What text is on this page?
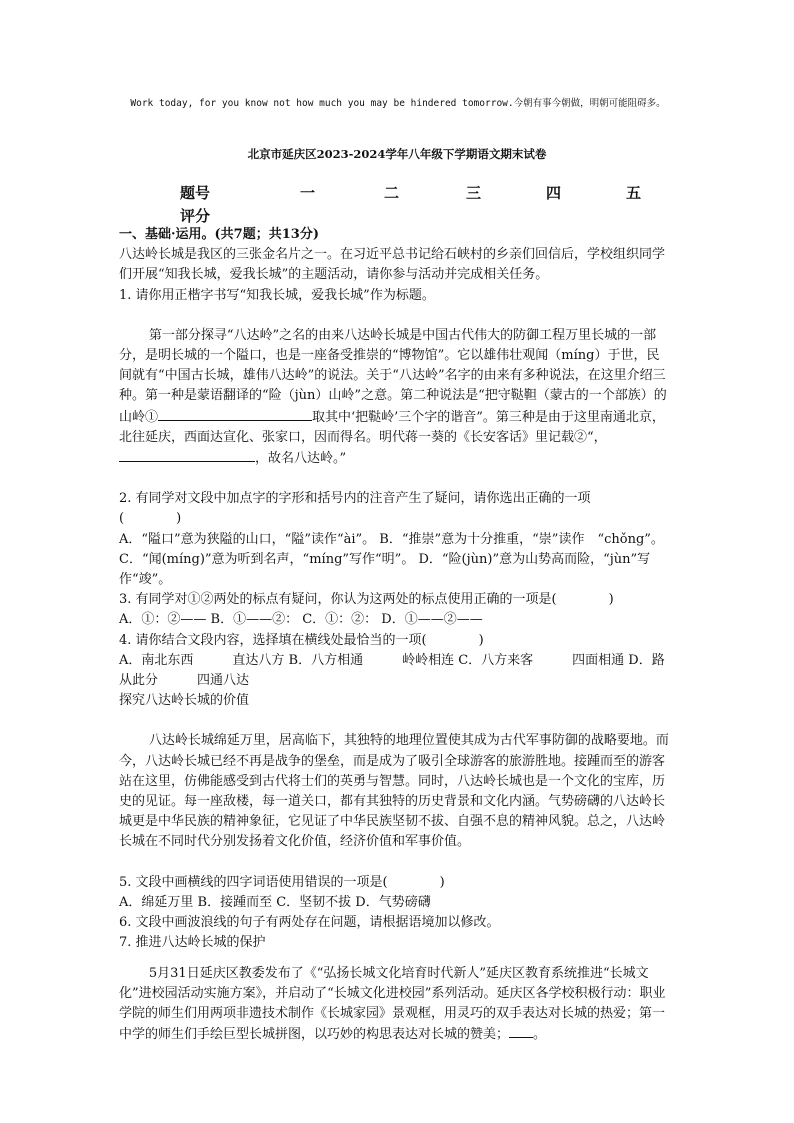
Work today, for you know not how much you may be hindered tomorrow.今朝有事今朝做，明朝可能阻碍多。
北京市延庆区2023-2024学年八年级下学期语文期末试卷
题号	一	二	三	四	五
评分

一、基础·运用。(共7题；共13分)

八达岭长城是我区的三张金名片之一。在习近平总书记给石峡村的乡亲们回信后，学校组织同学们开展“知我长城，爱我长城”的主题活动，请你参与活动并完成相关任务。

1. 请你用正楷字书写“知我长城，爱我长城”作为标题。

第一部分探寻“八达岭”之名的由来八达岭长城是中国古代伟大的防御工程万里长城的一部分，是明长城的一个隘口，也是一座备受推崇的“博物馆”。它以雄伟壮观闻（míng）于世，民间就有“中国古长城，雄伟八达岭”的说法。关于“八达岭”名字的由来有多种说法，在这里介绍三种。第一种是蒙语翻译的“险（jùn）山岭”之意。第二种说法是“把守鞑靼（蒙古的一个部族）的山岭①	取其中‘把鞑岭’三个字的谐音”。第三种是由于这里南通北京，北往延庆，西面达宣化、张家口，因而得名。明代蒋一葵的《长安客话》里记载②“，，故名八达岭。”

2. 有同学对文段中加点字的字形和括号内的注音产生了疑问，请你选出正确的一项

(　　　　)

A．“隘口”意为狭隘的山口，“隘”读作“ài”。 B．“推崇”意为十分推重，“崇”读作　“chǒng”。 C．“闻(míng)”意为听到名声，“míng”写作“明”。 D．“险(jùn)”意为山势高而险，“jùn”写作“竣”。

3. 有同学对①②两处的标点有疑问，你认为这两处的标点使用正确的一项是(　　　　)

A．①：②—— B．①——②： C．①：②： D．①——②——

4. 请你结合文段内容，选择填在横线处最恰当的一项(　　　　)

A．南北东西　　　直达八方 B．八方相通　　　岭岭相连 C．八方来客　　　四面相通 D．路从此分　　　四通八达

探究八达岭长城的价值

八达岭长城绵延万里，居高临下，其独特的地理位置使其成为古代军事防御的战略要地。而今，八达岭长城已经不再是战争的堡垒，而是成为了吸引全球游客的旅游胜地。接踵而至的游客站在这里，仿佛能感受到古代将士们的英勇与智慧。同时，八达岭长城也是一个文化的宝库，历史的见证。每一座敌楼，每一道关口，都有其独特的历史背景和文化内涵。气势磅礴的八达岭长城更是中华民族的精神象征，它见证了中华民族坚韧不拔、自强不息的精神风貌。总之，八达岭长城在不同时代分别发扬着文化价值，经济价值和军事价值。

5. 文段中画横线的四字词语使用错误的一项是(　　　　)

A．绵延万里 B．接踵而至 C．坚韧不拔 D．气势磅礴

6. 文段中画波浪线的句子有两处存在问题，请根据语境加以修改。

7. 推进八达岭长城的保护

5月31日延庆区教委发布了《“弘扬长城文化培育时代新人”延庆区教育系统推进“长城文化”进校园活动实施方案》，并启动了“长城文化进校园”系列活动。延庆区各学校积极行动：职业学院的师生们用两项非遗技术制作《长城家园》景观框，用灵巧的双手表达对长城的热爱；第一中学的师生们手绘巨型长城拼图，以巧妙的构思表达对长城的赞美； 。
